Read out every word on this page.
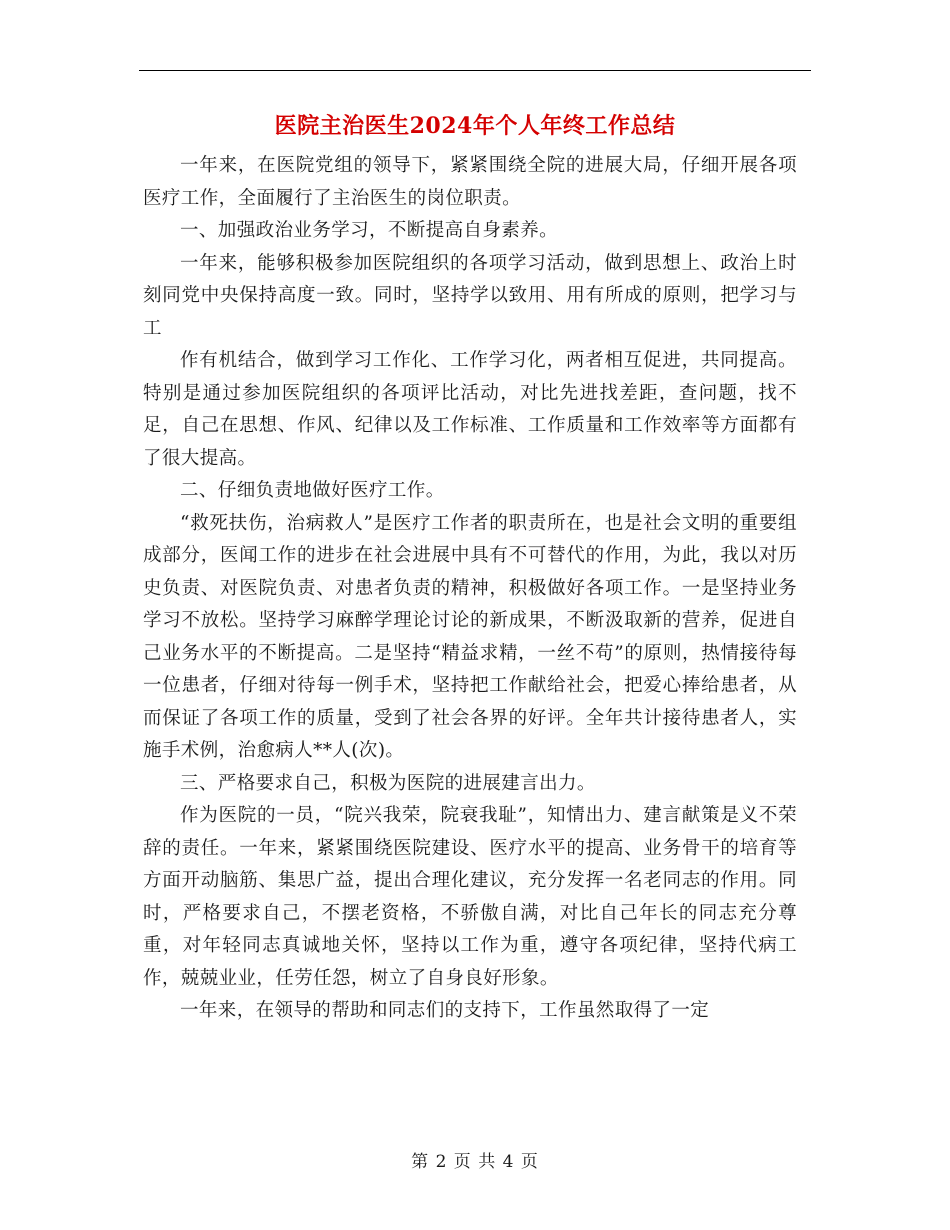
医院主治医生2024年个人年终工作总结

一年来，在医院党组的领导下，紧紧围绕全院的进展大局，仔细开展各项医疗工作，全面履行了主治医生的岗位职责。

一、加强政治业务学习，不断提高自身素养。

一年来，能够积极参加医院组织的各项学习活动，做到思想上、政治上时刻同党中央保持高度一致。同时，坚持学以致用、用有所成的原则，把学习与工

作有机结合，做到学习工作化、工作学习化，两者相互促进，共同提高。特别是通过参加医院组织的各项评比活动，对比先进找差距，查问题，找不足，自己在思想、作风、纪律以及工作标准、工作质量和工作效率等方面都有了很大提高。

二、仔细负责地做好医疗工作。

“救死扶伤，治病救人”是医疗工作者的职责所在，也是社会文明的重要组成部分，医闻工作的进步在社会进展中具有不可替代的作用，为此，我以对历史负责、对医院负责、对患者负责的精神，积极做好各项工作。一是坚持业务学习不放松。坚持学习麻醉学理论讨论的新成果，不断汲取新的营养，促进自己业务水平的不断提高。二是坚持“精益求精，一丝不苟”的原则，热情接待每一位患者，仔细对待每一例手术，坚持把工作献给社会，把爱心捧给患者，从而保证了各项工作的质量，受到了社会各界的好评。全年共计接待患者人，实施手术例，治愈病人**人(次)。

三、严格要求自己，积极为医院的进展建言出力。

作为医院的一员，“院兴我荣，院衰我耻”，知情出力、建言献策是义不荣辞的责任。一年来，紧紧围绕医院建设、医疗水平的提高、业务骨干的培育等方面开动脑筋、集思广益，提出合理化建议，充分发挥一名老同志的作用。同时，严格要求自己，不摆老资格，不骄傲自满，对比自己年长的同志充分尊重，对年轻同志真诚地关怀，坚持以工作为重，遵守各项纪律，坚持代病工作，兢兢业业，任劳任怨，树立了自身良好形象。

一年来，在领导的帮助和同志们的支持下，工作虽然取得了一定

第 2 页 共 4 页
